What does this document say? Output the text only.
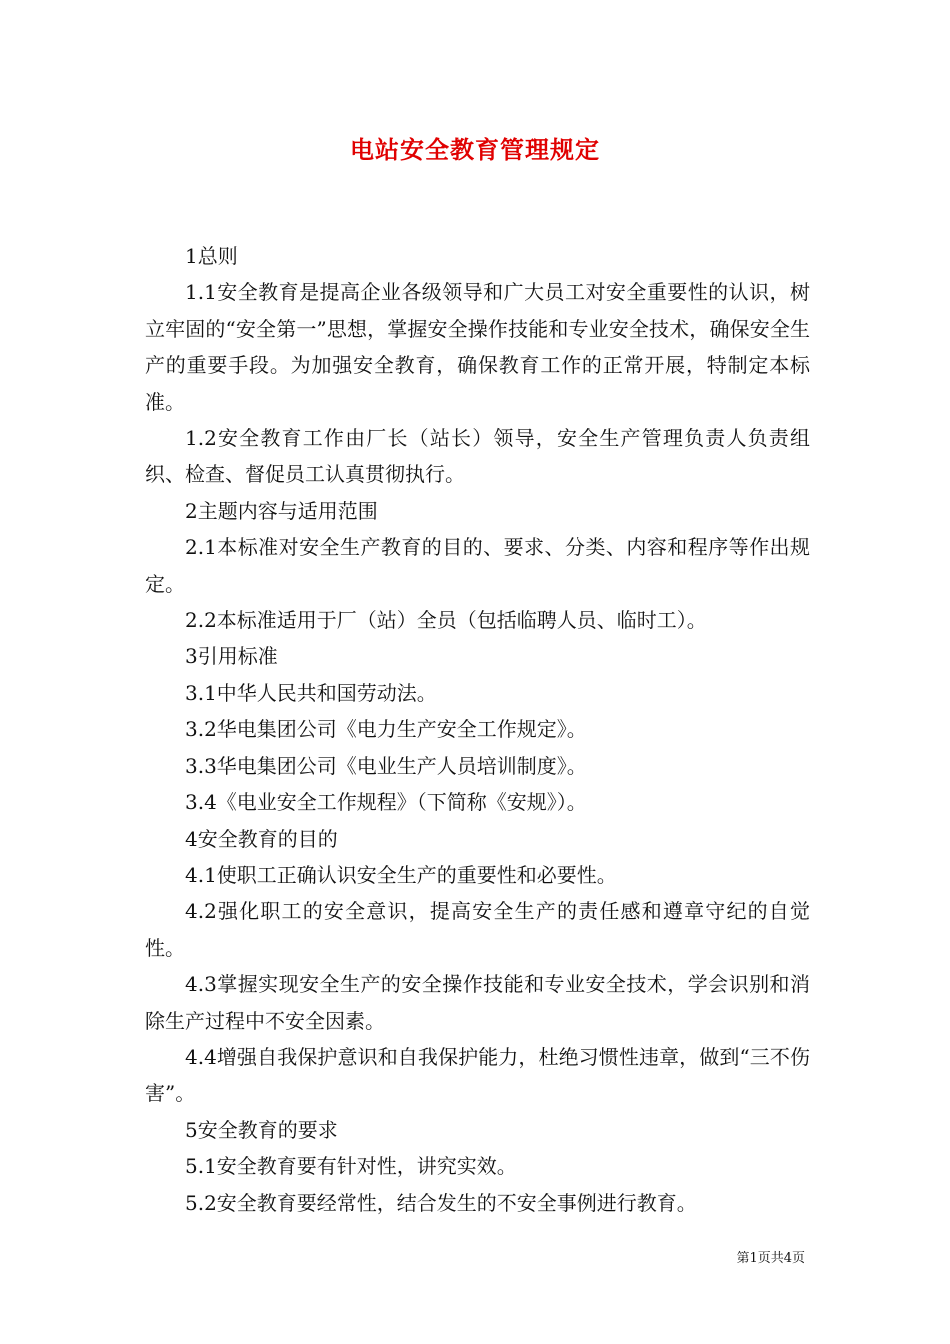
电站安全教育管理规定

1总则

1.1安全教育是提高企业各级领导和广大员工对安全重要性的认识，树立牢固的“安全第一”思想，掌握安全操作技能和专业安全技术，确保安全生产的重要手段。为加强安全教育，确保教育工作的正常开展，特制定本标准。

1.2安全教育工作由厂长（站长）领导，安全生产管理负责人负责组织、检查、督促员工认真贯彻执行。

2主题内容与适用范围

2.1本标准对安全生产教育的目的、要求、分类、内容和程序等作出规定。

2.2本标准适用于厂（站）全员（包括临聘人员、临时工）。

3引用标准

3.1中华人民共和国劳动法。

3.2华电集团公司《电力生产安全工作规定》。

3.3华电集团公司《电业生产人员培训制度》。

3.4《电业安全工作规程》（下简称《安规》）。

4安全教育的目的

4.1使职工正确认识安全生产的重要性和必要性。

4.2强化职工的安全意识，提高安全生产的责任感和遵章守纪的自觉性。

4.3掌握实现安全生产的安全操作技能和专业安全技术，学会识别和消除生产过程中不安全因素。

4.4增强自我保护意识和自我保护能力，杜绝习惯性违章，做到“三不伤害”。

5安全教育的要求

5.1安全教育要有针对性，讲究实效。

5.2安全教育要经常性，结合发生的不安全事例进行教育。

第1页共4页
